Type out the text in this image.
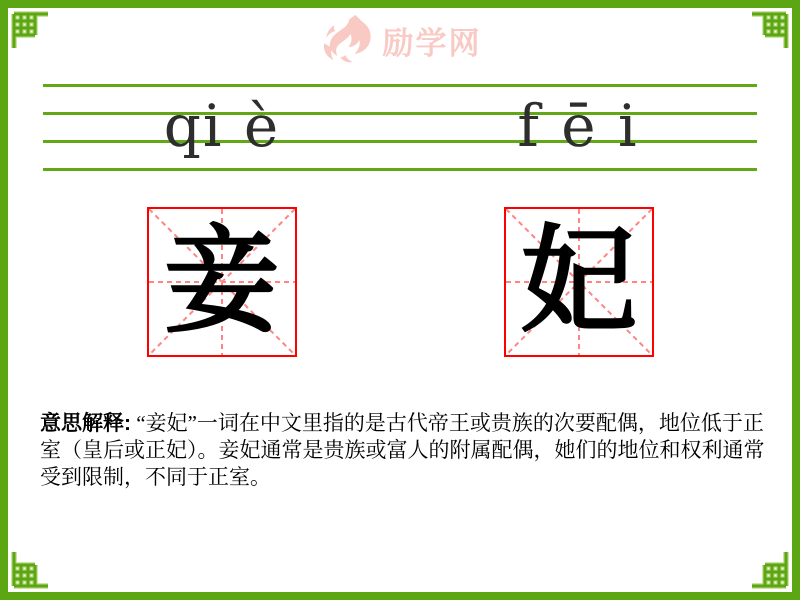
励学网
qi è	f ē i
妾 妃
意思解释: “妾妃”一词在中文里指的是古代帝王或贵族的次要配偶，地位低于正室（皇后或正妃）。妾妃通常是贵族或富人的附属配偶，她们的地位和权利通常受到限制，不同于正室。
